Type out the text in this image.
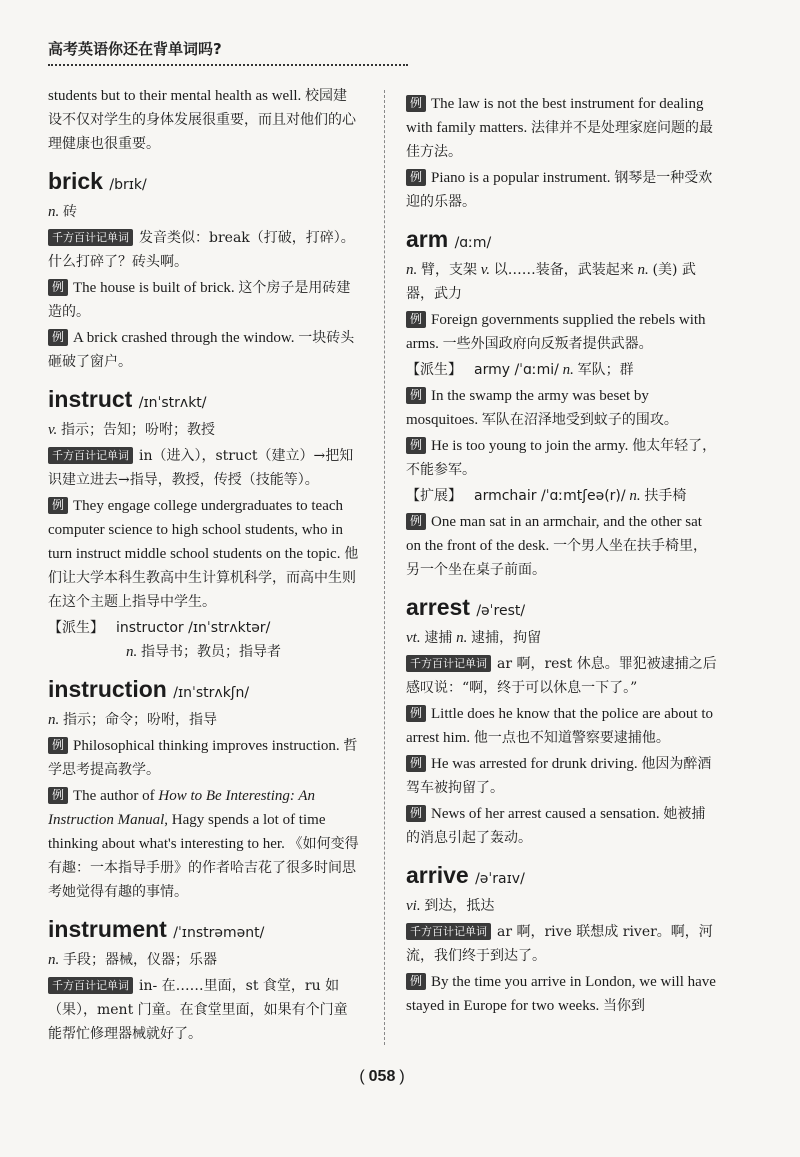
高考英语你还在背单词吗?

students but to their mental health as well. 校园建设不仅对学生的身体发展很重要，而且对他们的心理健康也很重要。

brick /brɪk/

n. 砖

千方百计记单词 发音类似：break（打破，打碎）。什么打碎了？砖头啊。

例 The house is built of brick. 这个房子是用砖建造的。

例 A brick crashed through the window. 一块砖头砸破了窗户。

instruct /ɪnˈstrʌkt/

v. 指示；告知；吩咐；教授

千方百计记单词 in（进入），struct（建立）→把知识建立进去→指导，教授，传授（技能等）。

例 They engage college undergraduates to teach computer science to high school students, who in turn instruct middle school students on the topic. 他们让大学本科生教高中生计算机科学，而高中生则在这个主题上指导中学生。

【派生】 instructor /ɪnˈstrʌktər/

n. 指导书；教员；指导者

instruction /ɪnˈstrʌkʃn/

n. 指示；命令；吩咐，指导

例 Philosophical thinking improves instruction. 哲学思考提高教学。

例 The author of How to Be Interesting: An Instruction Manual, Hagy spends a lot of time thinking about what's interesting to her. 《如何变得有趣：一本指导手册》的作者哈吉花了很多时间思考她觉得有趣的事情。

instrument /ˈɪnstrəmənt/

n. 手段；器械，仪器；乐器

千方百计记单词 in- 在……里面，st 食堂，ru 如（果），ment 门童。在食堂里面，如果有个门童能帮忙修理器械就好了。

例 The law is not the best instrument for dealing with family matters. 法律并不是处理家庭问题的最佳方法。

例 Piano is a popular instrument. 钢琴是一种受欢迎的乐器。

arm /ɑːm/

n. 臂，支架 v. 以……装备，武装起来 n. (美) 武器，武力

例 Foreign governments supplied the rebels with arms. 一些外国政府向反叛者提供武器。

【派生】 army /ˈɑːmi/ n. 军队；群

例 In the swamp the army was beset by mosquitoes. 军队在沼泽地受到蚊子的围攻。

例 He is too young to join the army. 他太年轻了，不能参军。

【扩展】 armchair /ˈɑːmtʃeə(r)/ n. 扶手椅

例 One man sat in an armchair, and the other sat on the front of the desk. 一个男人坐在扶手椅里，另一个坐在桌子前面。

arrest /əˈrest/

vt. 逮捕 n. 逮捕，拘留

千方百计记单词 ar 啊，rest 休息。罪犯被逮捕之后感叹说：“啊，终于可以休息一下了。”

例 Little does he know that the police are about to arrest him. 他一点也不知道警察要逮捕他。

例 He was arrested for drunk driving. 他因为醉酒驾车被拘留了。

例 News of her arrest caused a sensation. 她被捕的消息引起了轰动。

arrive /əˈraɪv/

vi. 到达，抵达

千方百计记单词 ar 啊，rive 联想成 river。啊，河流，我们终于到达了。

例 By the time you arrive in London, we will have stayed in Europe for two weeks. 当你到

( 058 )
